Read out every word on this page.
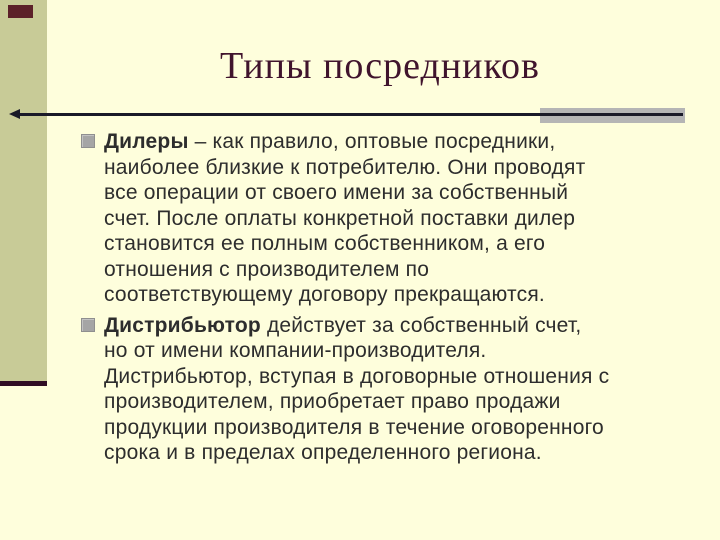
Типы посредников
Дилеры – как правило, оптовые посредники,
наиболее близкие к потребителю. Они проводят
все операции от своего имени за собственный
счет. После оплаты конкретной поставки дилер
становится ее полным собственником, а его
отношения с производителем по
соответствующему договору прекращаются.
Дистрибьютор действует за собственный счет,
но от имени компании-производителя.
Дистрибьютор, вступая в договорные отношения с
производителем, приобретает право продажи
продукции производителя в течение оговоренного
срока и в пределах определенного региона.
